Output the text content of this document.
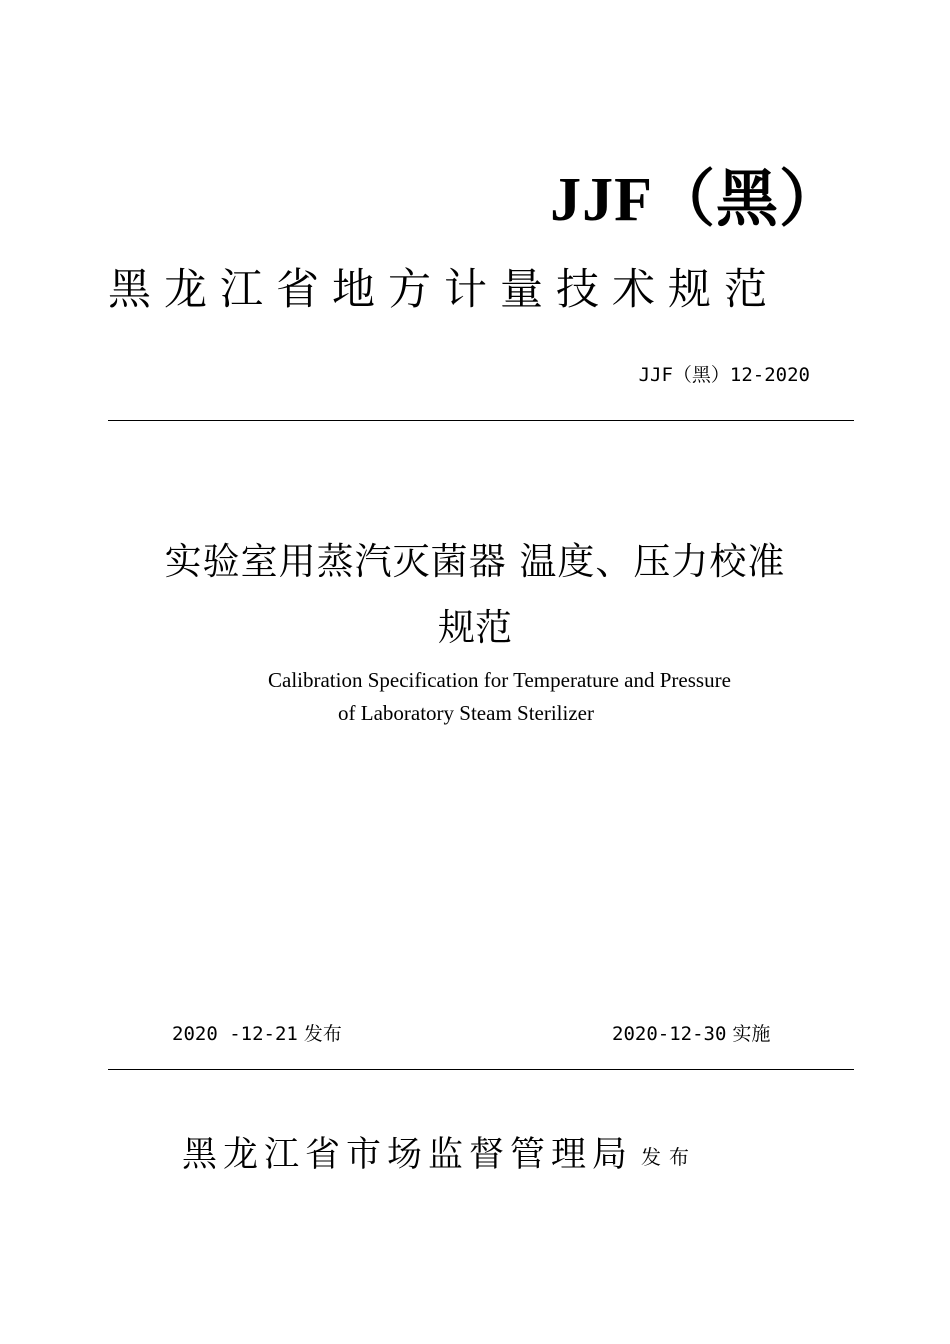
JJF（黑）
黑龙江省地方计量技术规范
JJF（黑）12-2020
实验室用蒸汽灭菌器 温度、压力校准
规范
Calibration Specification for Temperature and Pressure
of Laboratory Steam Sterilizer
2020 -12-21 发布	2020-12-30 实施
黑龙江省市场监督管理局 发布
